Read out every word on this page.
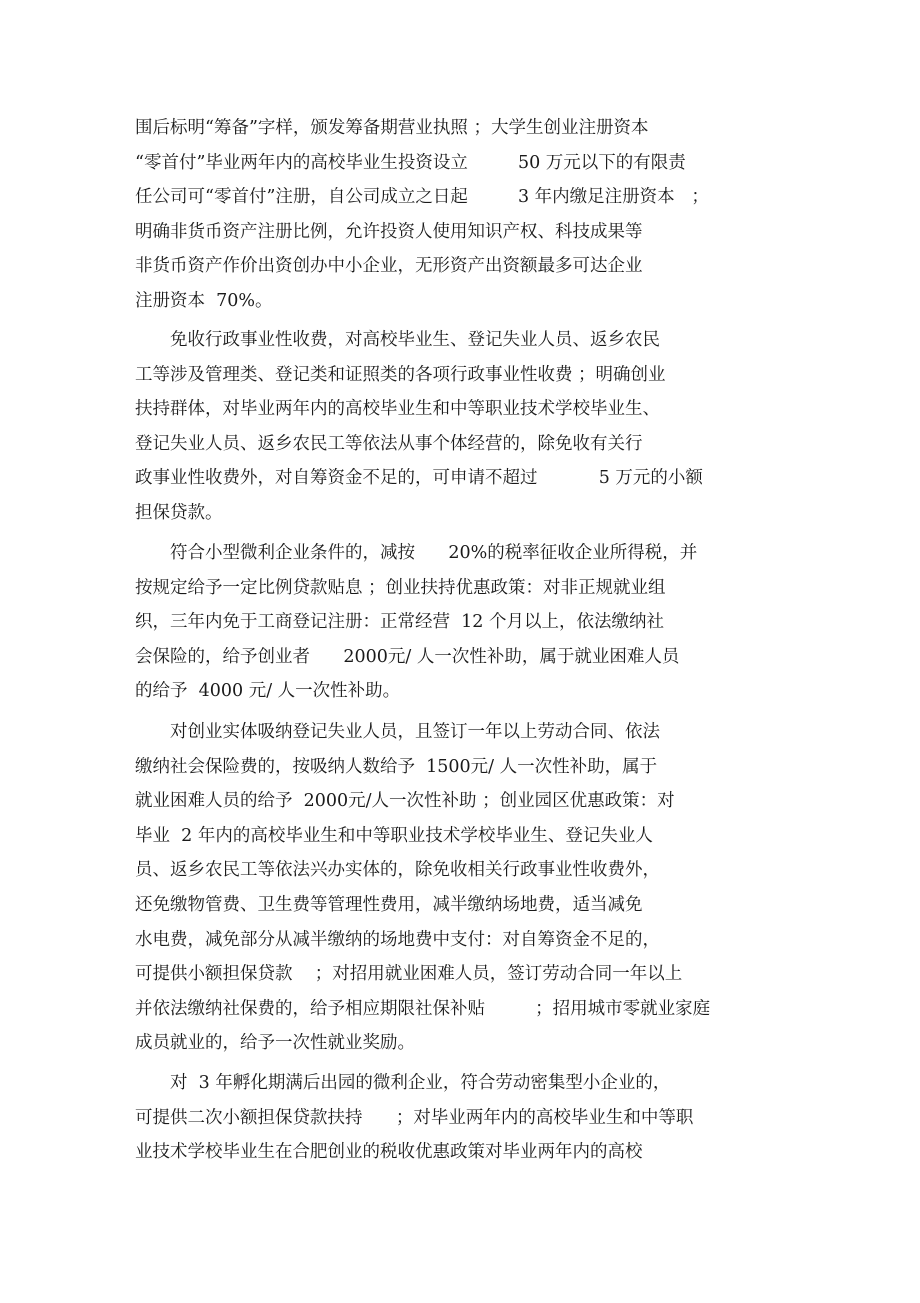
围后标明“筹备”字样，颁发筹备期营业执照 ；大学生创业注册资本
“零首付”毕业两年内的高校毕业生投资设立         50 万元以下的有限责
任公司可“零首付”注册，自公司成立之日起         3 年内缴足注册资本   ；
明确非货币资产注册比例，允许投资人使用知识产权、科技成果等
非货币资产作价出资创办中小企业，无形资产出资额最多可达企业
注册资本  70%。
免收行政事业性收费，对高校毕业生、登记失业人员、返乡农民
工等涉及管理类、登记类和证照类的各项行政事业性收费 ；明确创业
扶持群体，对毕业两年内的高校毕业生和中等职业技术学校毕业生、
登记失业人员、返乡农民工等依法从事个体经营的，除免收有关行
政事业性收费外，对自筹资金不足的，可申请不超过           5 万元的小额
担保贷款。
符合小型微利企业条件的，减按      20%的税率征收企业所得税，并
按规定给予一定比例贷款贴息 ；创业扶持优惠政策：对非正规就业组
织，三年内免于工商登记注册：正常经营  12 个月以上，依法缴纳社
会保险的，给予创业者      2000元/ 人一次性补助，属于就业困难人员
的给予  4000 元/ 人一次性补助。
对创业实体吸纳登记失业人员，且签订一年以上劳动合同、依法
缴纳社会保险费的，按吸纳人数给予  1500元/ 人一次性补助，属于
就业困难人员的给予  2000元/人一次性补助 ；创业园区优惠政策：对
毕业  2 年内的高校毕业生和中等职业技术学校毕业生、登记失业人
员、返乡农民工等依法兴办实体的，除免收相关行政事业性收费外，
还免缴物管费、卫生费等管理性费用，减半缴纳场地费，适当减免
水电费，减免部分从减半缴纳的场地费中支付：对自筹资金不足的，
可提供小额担保贷款    ；对招用就业困难人员，签订劳动合同一年以上
并依法缴纳社保费的，给予相应期限社保补贴         ；招用城市零就业家庭
成员就业的，给予一次性就业奖励。
对  3 年孵化期满后出园的微利企业，符合劳动密集型小企业的，
可提供二次小额担保贷款扶持      ；对毕业两年内的高校毕业生和中等职
业技术学校毕业生在合肥创业的税收优惠政策对毕业两年内的高校
